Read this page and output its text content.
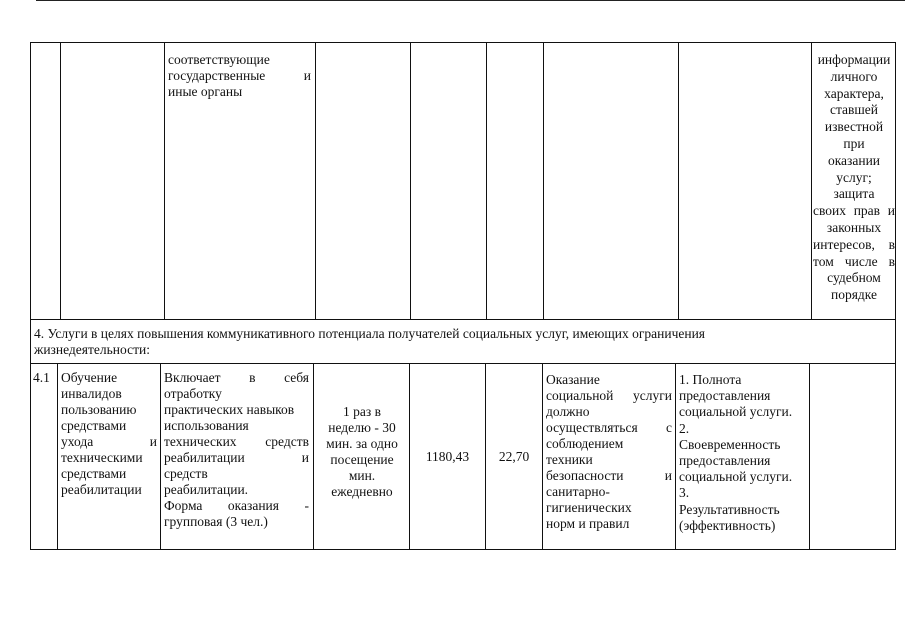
соответствующие
государственные и
иные органы
информации
личного
характера,
ставшей
известной
при
оказании
услуг;
защита
своих прав и
законных
интересов, в
том числе в
судебном
порядке
4. Услуги в целях повышения коммуникативного потенциала получателей социальных услуг, имеющих ограничения
жизнедеятельности:
4.1 Обучение
инвалидов
пользованию
средствами
ухода и
техническими
средствами
реабилитации
Включает в себя
отработку
практических навыков
использования
технических средств
реабилитации и
средств
реабилитации.
Форма оказания -
групповая (3 чел.)
1 раз в
неделю - 30
мин. за одно
посещение
мин.
ежедневно
1180,43	22,70
Оказание
социальной услуги
должно
осуществляться с
соблюдением
техники
безопасности и
санитарно-
гигиенических
норм и правил
1. Полнота
предоставления
социальной услуги.
2.
Своевременность
предоставления
социальной услуги.
3.
Результативность
(эффективность)
